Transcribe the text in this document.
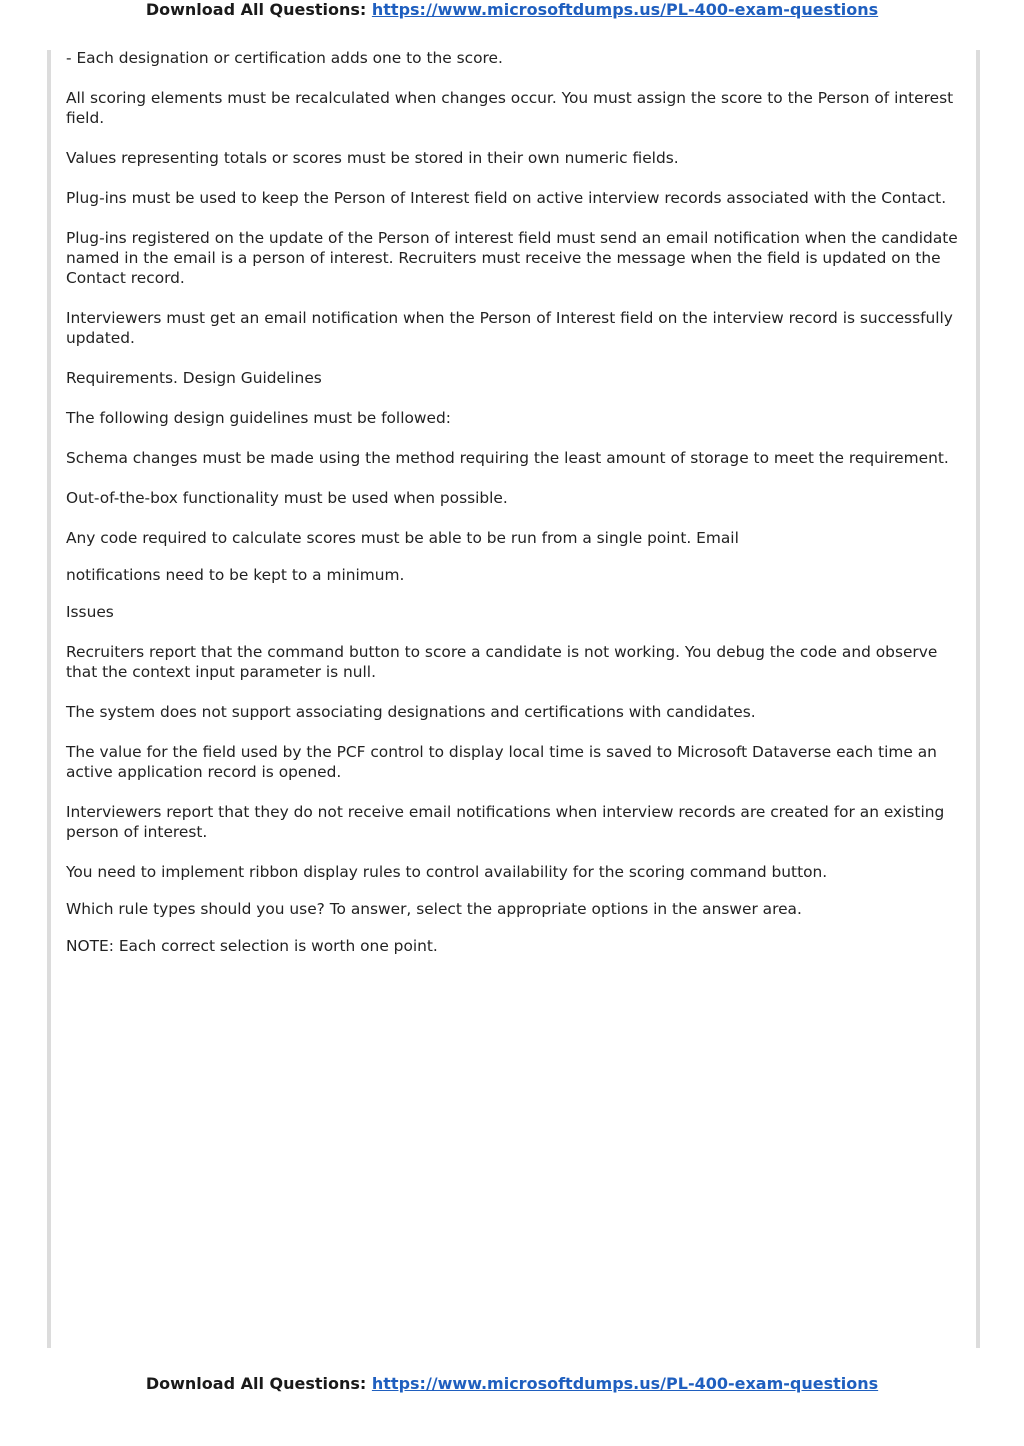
Download All Questions: https://www.microsoftdumps.us/PL-400-exam-questions

- Each designation or certification adds one to the score.

All scoring elements must be recalculated when changes occur. You must assign the score to the Person of interest field.

Values representing totals or scores must be stored in their own numeric fields.

Plug-ins must be used to keep the Person of Interest field on active interview records associated with the Contact.

Plug-ins registered on the update of the Person of interest field must send an email notification when the candidate named in the email is a person of interest. Recruiters must receive the message when the field is updated on the Contact record.

Interviewers must get an email notification when the Person of Interest field on the interview record is successfully updated.

Requirements. Design Guidelines

The following design guidelines must be followed:

Schema changes must be made using the method requiring the least amount of storage to meet the requirement.

Out-of-the-box functionality must be used when possible.

Any code required to calculate scores must be able to be run from a single point. Email

notifications need to be kept to a minimum.

Issues

Recruiters report that the command button to score a candidate is not working. You debug the code and observe that the context input parameter is null.

The system does not support associating designations and certifications with candidates.

The value for the field used by the PCF control to display local time is saved to Microsoft Dataverse each time an active application record is opened.

Interviewers report that they do not receive email notifications when interview records are created for an existing person of interest.

You need to implement ribbon display rules to control availability for the scoring command button.

Which rule types should you use? To answer, select the appropriate options in the answer area.

NOTE: Each correct selection is worth one point.

Download All Questions: https://www.microsoftdumps.us/PL-400-exam-questions
